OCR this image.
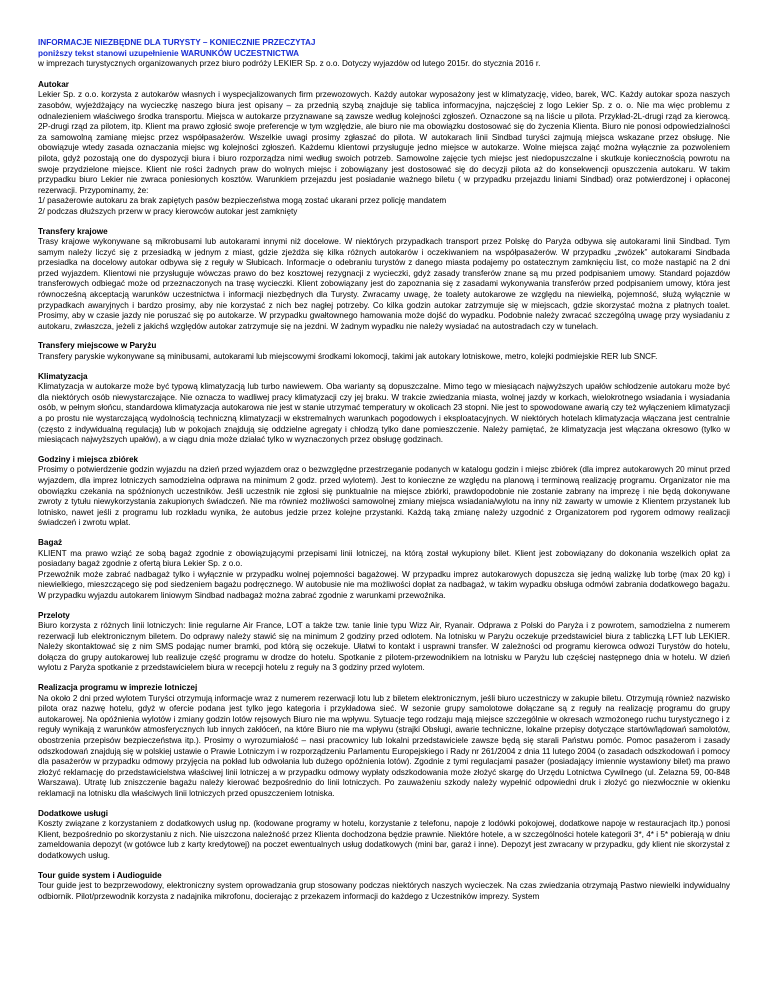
INFORMACJE NIEZBĘDNE DLA TURYSTY – KONIECZNIE PRZECZYTAJ

poniższy tekst stanowi uzupełnienie WARUNKÓW UCZESTNICTWA

w imprezach turystycznych organizowanych przez biuro podróży LEKIER Sp. z o.o. Dotyczy wyjazdów od lutego 2015r. do stycznia 2016 r.

Autokar

Lekier Sp. z o.o. korzysta z autokarów własnych i wyspecjalizowanych firm przewozowych. Każdy autokar wyposażony jest w klimatyzację, video, barek, WC. Każdy autokar spoza naszych zasobów, wyjeżdżający na wycieczkę naszego biura jest opisany – za przednią szybą znajduje się tablica informacyjna, najczęściej z logo Lekier Sp. z o. o. Nie ma więc problemu z odnalezieniem właściwego środka transportu. Miejsca w autokarze przyznawane są zawsze według kolejności zgłoszeń. Oznaczone są na liście u pilota. Przykład-2L-drugi rząd za kierowcą. 2P-drugi rząd za pilotem, itp. Klient ma prawo zgłosić swoje preferencje w tym względzie, ale biuro nie ma obowiązku dostosować się do życzenia Klienta. Biuro nie ponosi odpowiedzialności za samowolną zamianę miejsc przez współpasażerów. Wszelkie uwagi prosimy zgłaszać do pilota. W autokarach linii Sindbad turyści zajmują miejsca wskazane przez obsługę. Nie obowiązuje wtedy zasada oznaczania miejsc wg kolejności zgłoszeń. Każdemu klientowi przysługuje jedno miejsce w autokarze. Wolne miejsca zająć można wyłącznie za pozwoleniem pilota, gdyż pozostają one do dyspozycji biura i biuro rozporządza nimi według swoich potrzeb. Samowolne zajęcie tych miejsc jest niedopuszczalne i skutkuje koniecznością powrotu na swoje przydzielone miejsce. Klient nie rości żadnych praw do wolnych miejsc i zobowiązany jest dostosować się do decyzji pilota aż do konsekwencji opuszczenia autokaru. W takim przypadku biuro Lekier nie zwraca poniesionych kosztów. Warunkiem przejazdu jest posiadanie ważnego biletu ( w przypadku przejazdu liniami Sindbad) oraz potwierdzonej i opłaconej rezerwacji. Przypominamy, że:

1/ pasażerowie autokaru za brak zapiętych pasów bezpieczeństwa mogą zostać ukarani przez policję mandatem

2/ podczas dłuższych przerw w pracy kierowców autokar jest zamknięty

Transfery krajowe

Trasy krajowe wykonywane są mikrobusami lub autokarami innymi niż docelowe. W niektórych przypadkach transport przez Polskę do Paryża odbywa się autokarami linii Sindbad. Tym samym należy liczyć się z przesiadką w jednym z miast, gdzie zjeżdża się kilka różnych autokarów i oczekiwaniem na współpasażerów. W przypadku „zwózek” autokarami Sindbada przesiadka na docelowy autokar odbywa się z reguły w Słubicach. Informacje o odebraniu turystów z danego miasta podajemy po ostatecznym zamknięciu list, co może nastąpić na 2 dni przed wyjazdem. Klientowi nie przysługuje wówczas prawo do bez kosztowej rezygnacji z wycieczki, gdyż zasady transferów znane są mu przed podpisaniem umowy. Standard pojazdów transferowych odbiegać może od przeznaczonych na trasę wycieczki. Klient zobowiązany jest do zapoznania się z zasadami wykonywania transferów przed podpisaniem umowy, która jest równocześną akceptacją warunków uczestnictwa i informacji niezbędnych dla Turysty. Zwracamy uwagę, że toalety autokarowe ze względu na niewielką, pojemność, służą wyłącznie w przypadkach awaryjnych i bardzo prosimy, aby nie korzystać z nich bez nagłej potrzeby. Co kilka godzin autokar zatrzymuje się w miejscach, gdzie skorzystać można z płatnych toalet. Prosimy, aby w czasie jazdy nie poruszać się po autokarze. W przypadku gwałtownego hamowania może dojść do wypadku. Podobnie należy zwracać szczególną uwagę przy wysiadaniu z autokaru, zwłaszcza, jeżeli z jakichś względów autokar zatrzymuje się na jezdni. W żadnym wypadku nie należy wysiadać na autostradach czy w tunelach.

Transfery miejscowe w Paryżu

Transfery paryskie wykonywane są minibusami, autokarami lub miejscowymi środkami lokomocji, takimi jak autokary lotniskowe, metro, kolejki podmiejskie RER lub SNCF.

Klimatyzacja

Klimatyzacja w autokarze może być typową klimatyzacją lub turbo nawiewem. Oba warianty są dopuszczalne. Mimo tego w miesiącach najwyższych upałów schłodzenie autokaru może być dla niektórych osób niewystarczające. Nie oznacza to wadliwej pracy klimatyzacji czy jej braku. W trakcie zwiedzania miasta, wolnej jazdy w korkach, wielokrotnego wsiadania i wysiadania osób, w pełnym słońcu, standardowa klimatyzacja autokarowa nie jest w stanie utrzymać temperatury w okolicach 23 stopni. Nie jest to spowodowane awarią czy też wyłączeniem klimatyzacji a po prostu nie wystarczającą wydolnością techniczną klimatyzacji w ekstremalnych warunkach pogodowych i eksploatacyjnych. W niektórych hotelach klimatyzacja włączana jest centralnie (często z indywidualną regulacją) lub w pokojach znajdują się oddzielne agregaty i chłodzą tylko dane pomieszczenie. Należy pamiętać, że klimatyzacja jest włączana okresowo (tylko w miesiącach najwyższych upałów), a w ciągu dnia może działać tylko w wyznaczonych przez obsługę godzinach.

Godziny i miejsca zbiórek

Prosimy o potwierdzenie godzin wyjazdu na dzień przed wyjazdem oraz o bezwzględne przestrzeganie podanych w katalogu godzin i miejsc zbiórek (dla imprez autokarowych 20 minut przed wyjazdem, dla imprez lotniczych samodzielna odprawa na minimum 2 godz. przed wylotem). Jest to konieczne ze względu na planową i terminową realizację programu. Organizator nie ma obowiązku czekania na spóźnionych uczestników. Jeśli uczestnik nie zgłosi się punktualnie na miejsce zbiórki, prawdopodobnie nie zostanie zabrany na imprezę i nie będą dokonywane zwroty z tytułu niewykorzystania zakupionych świadczeń. Nie ma również możliwości samowolnej zmiany miejsca wsiadania/wylotu na inny niż zawarty w umowie z Klientem przystanek lub lotnisko, nawet jeśli z programu lub rozkładu wynika, że autobus jedzie przez kolejne przystanki. Każdą taką zmianę należy uzgodnić z Organizatorem pod rygorem odmowy realizacji świadczeń i zwrotu wpłat.

Bagaż

KLIENT ma prawo wziąć ze sobą bagaż zgodnie z obowiązującymi przepisami linii lotniczej, na którą został wykupiony bilet. Klient jest zobowiązany do dokonania wszelkich opłat za posiadany bagaż zgodnie z ofertą biura Lekier Sp. z o.o.

Przewoźnik może zabrać nadbagaż tylko i wyłącznie w przypadku wolnej pojemności bagażowej. W przypadku imprez autokarowych dopuszcza się jedną walizkę lub torbę (max 20 kg) i niewielkiego, mieszczącego się pod siedzeniem bagażu podręcznego. W autobusie nie ma możliwości dopłat za nadbagaż, w takim wypadku obsługa odmówi zabrania dodatkowego bagażu. W przypadku wyjazdu autokarem liniowym Sindbad nadbagaż można zabrać zgodnie z warunkami przewoźnika.

Przeloty

Biuro korzysta z różnych linii lotniczych: linie regularne Air France, LOT a także tzw. tanie linie typu Wizz Air, Ryanair. Odprawa z Polski do Paryża i z powrotem, samodzielna z numerem rezerwacji lub elektronicznym biletem. Do odprawy należy stawić się na minimum 2 godziny przed odlotem. Na lotnisku w Paryżu oczekuje przedstawiciel biura z tabliczką LFT lub LEKIER. Należy skontaktować się z nim SMS podając numer bramki, pod którą się oczekuje. Ułatwi to kontakt i usprawni transfer. W zależności od programu kierowca odwozi Turystów do hotelu, dołącza do grupy autokarowej lub realizuje część programu w drodze do hotelu. Spotkanie z pilotem-przewodnikiem na lotnisku w Paryżu lub częściej następnego dnia w hotelu. W dzień wylotu z Paryża spotkanie z przedstawicielem biura w recepcji hotelu z reguły na 3 godziny przed wylotem.

Realizacja programu w imprezie lotniczej

Na około 2 dni przed wylotem Turyści otrzymują informacje wraz z numerem rezerwacji lotu lub z biletem elektronicznym, jeśli biuro uczestniczy w zakupie biletu. Otrzymują również nazwisko pilota oraz nazwę hotelu, gdyż w ofercie podana jest tylko jego kategoria i przykładowa sieć. W sezonie grupy samolotowe dołączane są z reguły na realizację programu do grupy autokarowej. Na opóźnienia wylotów i zmiany godzin lotów rejsowych Biuro nie ma wpływu. Sytuacje tego rodzaju mają miejsce szczególnie w okresach wzmożonego ruchu turystycznego i z reguły wynikają z warunków atmosferycznych lub innych zakłóceń, na które Biuro nie ma wpływu (strajki Obsługi, awarie techniczne, lokalne przepisy dotyczące startów/lądowań samolotów, obostrzenia przepisów bezpieczeństwa itp.). Prosimy o wyrozumiałość – nasi pracownicy lub lokalni przedstawiciele zawsze będą się starali Państwu pomóc. Pomoc pasażerom i zasady odszkodowań znajdują się w polskiej ustawie o Prawie Lotniczym i w rozporządzeniu Parlamentu Europejskiego i Rady nr 261/2004 z dnia 11 lutego 2004 (o zasadach odszkodowań i pomocy dla pasażerów w przypadku odmowy przyjęcia na pokład lub odwołania lub dużego opóźnienia lotów). Zgodnie z tymi regulacjami pasażer (posiadający imiennie wystawiony bilet) ma prawo złożyć reklamację do przedstawicielstwa właściwej linii lotniczej a w przypadku odmowy wypłaty odszkodowania może złożyć skargę do Urzędu Lotnictwa Cywilnego (ul. Żelazna 59, 00-848 Warszawa). Utratę lub zniszczenie bagażu należy kierować bezpośrednio do linii lotniczych. Po zauważeniu szkody należy wypełnić odpowiedni druk i złożyć go niezwłocznie w okienku reklamacji na lotnisku dla właściwych linii lotniczych przed opuszczeniem lotniska.

Dodatkowe usługi

Koszty związane z korzystaniem z dodatkowych usług np. (kodowane programy w hotelu, korzystanie z telefonu, napoje z lodówki pokojowej, dodatkowe napoje w restauracjach itp.) ponosi Klient, bezpośrednio po skorzystaniu z nich. Nie uiszczona należność przez Klienta dochodzona będzie prawnie. Niektóre hotele, a w szczególności hotele kategorii 3*, 4* i 5* pobierają w dniu zameldowania depozyt (w gotówce lub z karty kredytowej) na poczet ewentualnych usług dodatkowych (mini bar, garaż i inne). Depozyt jest zwracany w przypadku, gdy klient nie skorzystał z dodatkowych usług.

Tour guide system i Audioguide

Tour guide jest to bezprzewodowy, elektroniczny system oprowadzania grup stosowany podczas niektórych naszych wycieczek. Na czas zwiedzania otrzymają Pastwo niewielki indywidualny odbiornik. Pilot/przewodnik korzysta z nadajnika mikrofonu, docierając z przekazem informacji do każdego z Uczestników imprezy. System
